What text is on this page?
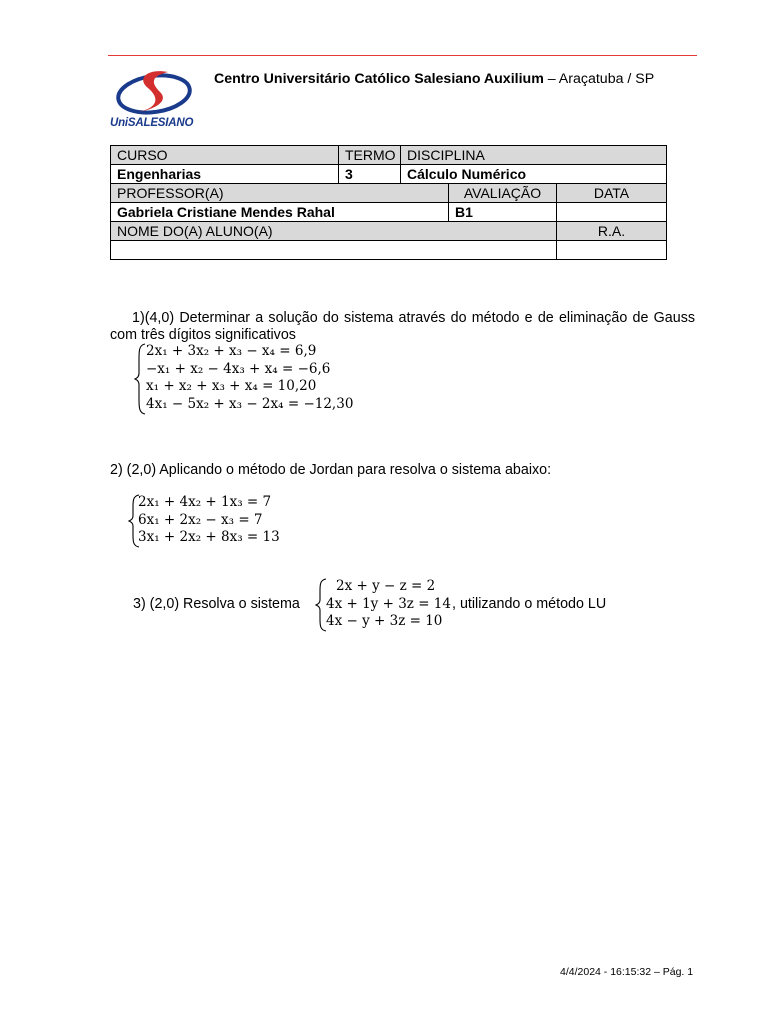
UniSALESIANO
Centro Universitário Católico Salesiano Auxilium – Araçatuba / SP
CURSO	TERMO	DISCIPLINA		
Engenharias	3	Cálculo Numérico		
PROFESSOR(A)			AVALIAÇÃO	DATA
Gabriela Cristiane Mendes Rahal			B1	
NOME DO(A) ALUNO(A)				R.A.

1)(4,0) Determinar a solução do sistema através do método e de eliminação de Gauss com três dígitos significativos
2x₁ + 3x₂ + x₃ − x₄ = 6,9
−x₁ + x₂ − 4x₃ + x₄ = −6,6
x₁ + x₂ + x₃ + x₄ = 10,20
4x₁ − 5x₂ + x₃ − 2x₄ = −12,30
2) (2,0) Aplicando o método de Jordan para resolva o sistema abaixo:
2x₁ + 4x₂ + 1x₃ = 7
6x₁ + 2x₂ − x₃ = 7
3x₁ + 2x₂ + 8x₃ = 13
3) (2,0) Resolva o sistema
2x + y − z = 2
4x + 1y + 3z = 14
4x − y + 3z = 10
, utilizando o método LU
4/4/2024 - 16:15:32 – Pág. 1
